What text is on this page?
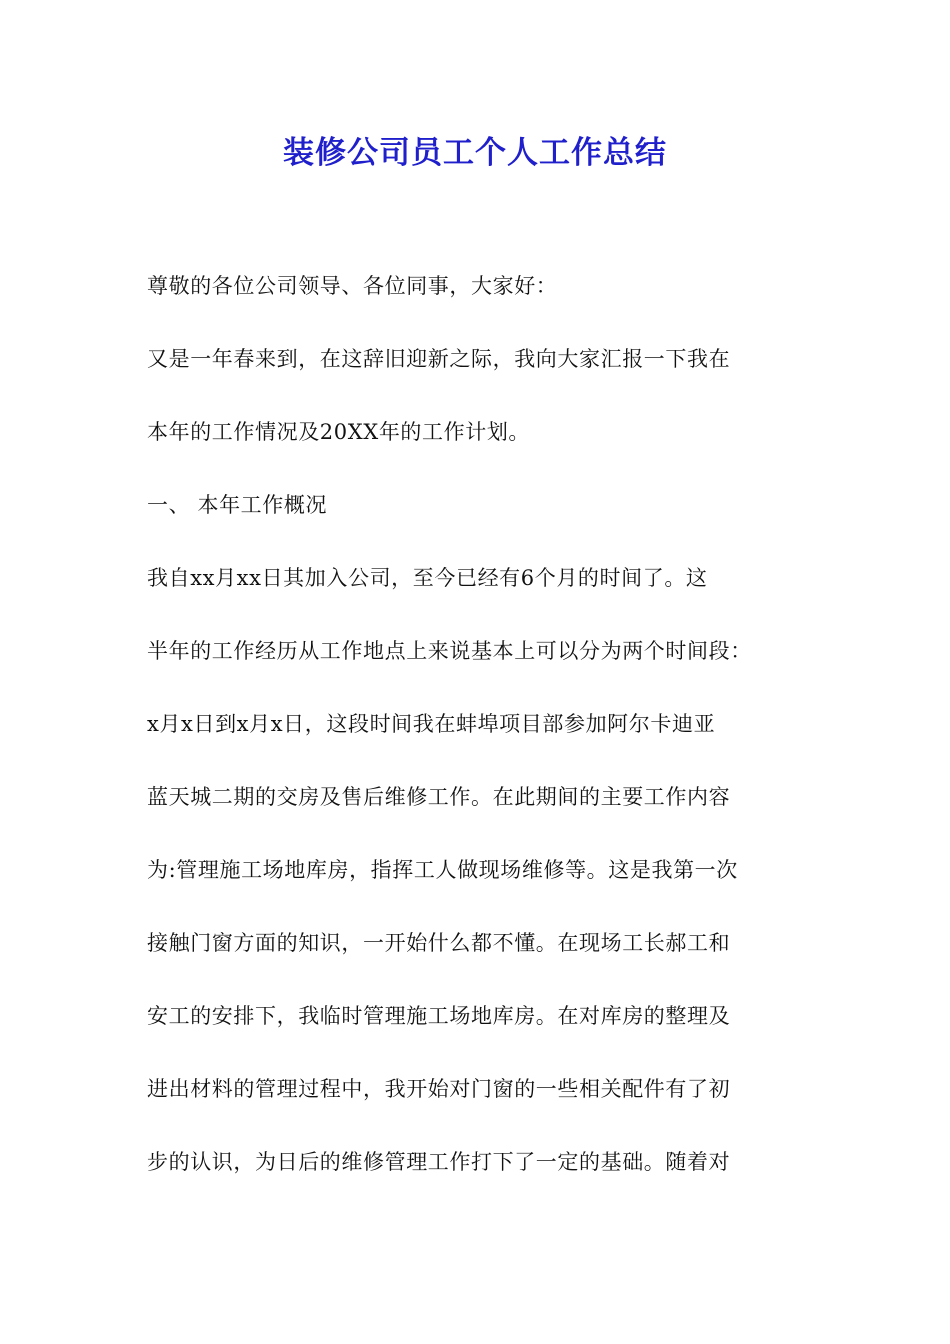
装修公司员工个人工作总结
尊敬的各位公司领导、各位同事，大家好：
又是一年春来到，在这辞旧迎新之际，我向大家汇报一下我在
本年的工作情况及20XX年的工作计划。
一、 本年工作概况
我自xx月xx日其加入公司，至今已经有6个月的时间了。这
半年的工作经历从工作地点上来说基本上可以分为两个时间段：
x月x日到x月x日，这段时间我在蚌埠项目部参加阿尔卡迪亚
蓝天城二期的交房及售后维修工作。在此期间的主要工作内容
为:管理施工场地库房，指挥工人做现场维修等。这是我第一次
接触门窗方面的知识，一开始什么都不懂。在现场工长郝工和
安工的安排下，我临时管理施工场地库房。在对库房的整理及
进出材料的管理过程中，我开始对门窗的一些相关配件有了初
步的认识，为日后的维修管理工作打下了一定的基础。随着对
